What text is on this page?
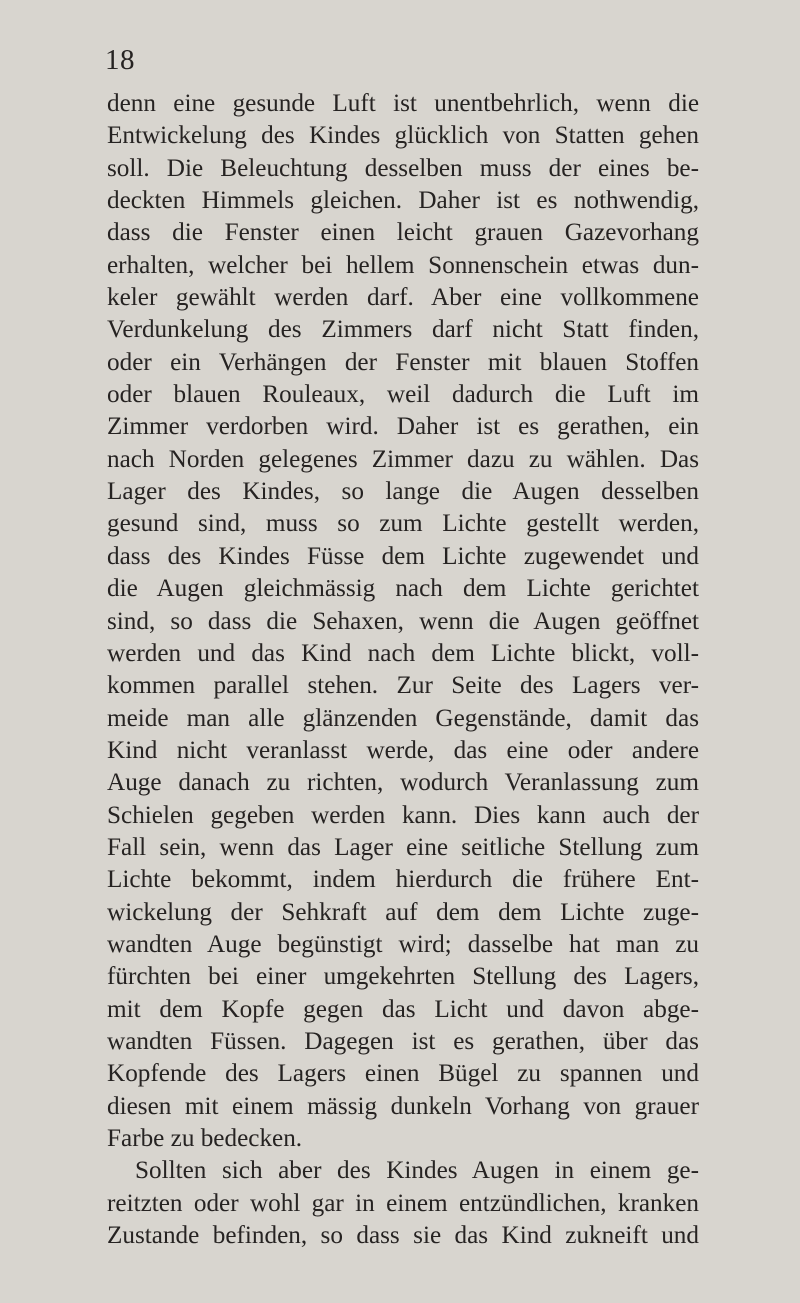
18
denn eine gesunde Luft ist unentbehrlich, wenn die
Entwickelung des Kindes glücklich von Statten gehen
soll. Die Beleuchtung desselben muss der eines be-
deckten Himmels gleichen. Daher ist es nothwendig,
dass die Fenster einen leicht grauen Gazevorhang
erhalten, welcher bei hellem Sonnenschein etwas dun-
keler gewählt werden darf. Aber eine vollkommene
Verdunkelung des Zimmers darf nicht Statt finden,
oder ein Verhängen der Fenster mit blauen Stoffen
oder blauen Rouleaux, weil dadurch die Luft im
Zimmer verdorben wird. Daher ist es gerathen, ein
nach Norden gelegenes Zimmer dazu zu wählen. Das
Lager des Kindes, so lange die Augen desselben
gesund sind, muss so zum Lichte gestellt werden,
dass des Kindes Füsse dem Lichte zugewendet und
die Augen gleichmässig nach dem Lichte gerichtet
sind, so dass die Sehaxen, wenn die Augen geöffnet
werden und das Kind nach dem Lichte blickt, voll-
kommen parallel stehen. Zur Seite des Lagers ver-
meide man alle glänzenden Gegenstände, damit das
Kind nicht veranlasst werde, das eine oder andere
Auge danach zu richten, wodurch Veranlassung zum
Schielen gegeben werden kann. Dies kann auch der
Fall sein, wenn das Lager eine seitliche Stellung zum
Lichte bekommt, indem hierdurch die frühere Ent-
wickelung der Sehkraft auf dem dem Lichte zuge-
wandten Auge begünstigt wird; dasselbe hat man zu
fürchten bei einer umgekehrten Stellung des Lagers,
mit dem Kopfe gegen das Licht und davon abge-
wandten Füssen. Dagegen ist es gerathen, über das
Kopfende des Lagers einen Bügel zu spannen und
diesen mit einem mässig dunkeln Vorhang von grauer
Farbe zu bedecken.
Sollten sich aber des Kindes Augen in einem ge-
reitzten oder wohl gar in einem entzündlichen, kranken
Zustande befinden, so dass sie das Kind zukneift und
